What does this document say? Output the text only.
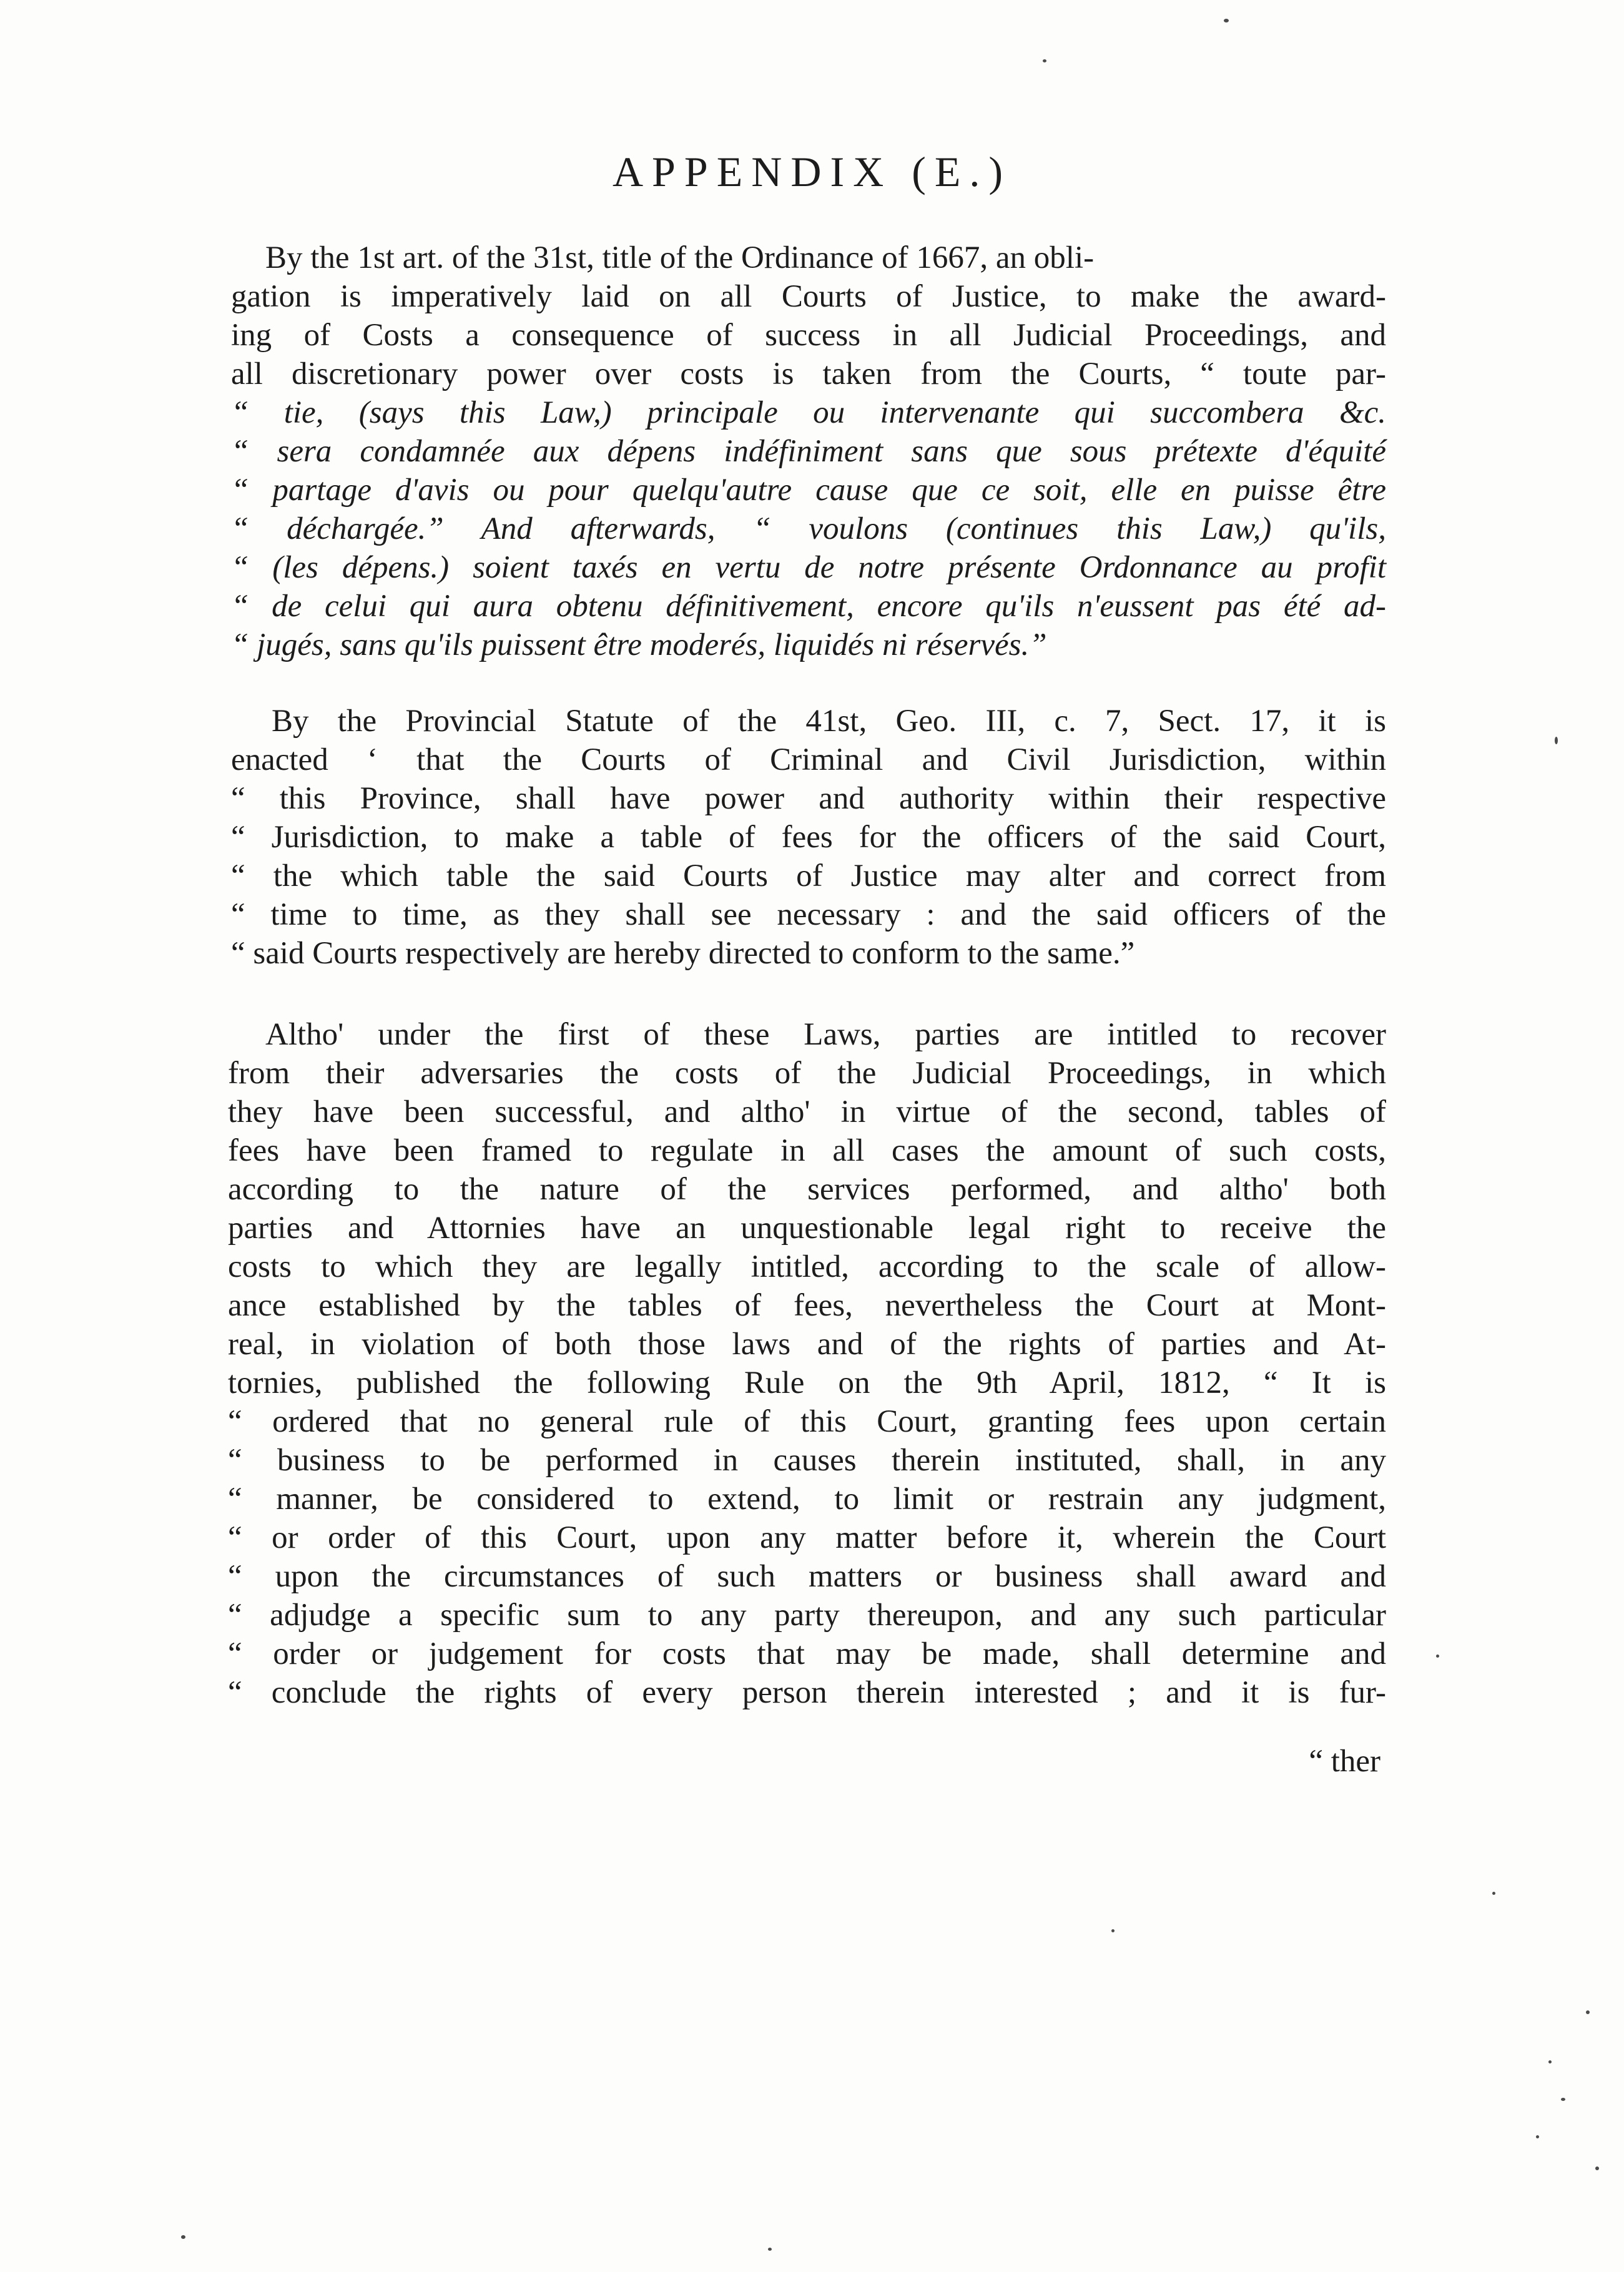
APPENDIX (E.)
By the 1st art. of the 31st, title of the Ordinance of 1667, an obli-
gation is imperatively laid on all Courts of Justice, to make the award-
ing of Costs a consequence of success in all Judicial Proceedings, and
all discretionary power over costs is taken from the Courts, “ toute par-
“ tie, (says this Law,) principale ou intervenante qui succombera &c.
“ sera condamnée aux dépens indéfiniment sans que sous prétexte d'équité
“ partage d'avis ou pour quelqu'autre cause que ce soit, elle en puisse être
“ déchargée.” And afterwards, “ voulons (continues this Law,) qu'ils,
“ (les dépens.) soient taxés en vertu de notre présente Ordonnance au profit
“ de celui qui aura obtenu définitivement, encore qu'ils n'eussent pas été ad-
“ jugés, sans qu'ils puissent être moderés, liquidés ni réservés.”
By the Provincial Statute of the 41st, Geo. III, c. 7, Sect. 17, it is
enacted ‘ that the Courts of Criminal and Civil Jurisdiction, within
“ this Province, shall have power and authority within their respective
“ Jurisdiction, to make a table of fees for the officers of the said Court,
“ the which table the said Courts of Justice may alter and correct from
“ time to time, as they shall see necessary : and the said officers of the
“ said Courts respectively are hereby directed to conform to the same.”
Altho' under the first of these Laws, parties are intitled to recover
from their adversaries the costs of the Judicial Proceedings, in which
they have been successful, and altho' in virtue of the second, tables of
fees have been framed to regulate in all cases the amount of such costs,
according to the nature of the services performed, and altho' both
parties and Attornies have an unquestionable legal right to receive the
costs to which they are legally intitled, according to the scale of allow-
ance established by the tables of fees, nevertheless the Court at Mont-
real, in violation of both those laws and of the rights of parties and At-
tornies, published the following Rule on the 9th April, 1812, “ It is
“ ordered that no general rule of this Court, granting fees upon certain
“ business to be performed in causes therein instituted, shall, in any
“ manner, be considered to extend, to limit or restrain any judgment,
“ or order of this Court, upon any matter before it, wherein the Court
“ upon the circumstances of such matters or business shall award and
“ adjudge a specific sum to any party thereupon, and any such particular
“ order or judgement for costs that may be made, shall determine and
“ conclude the rights of every person therein interested ; and it is fur-
“ ther
